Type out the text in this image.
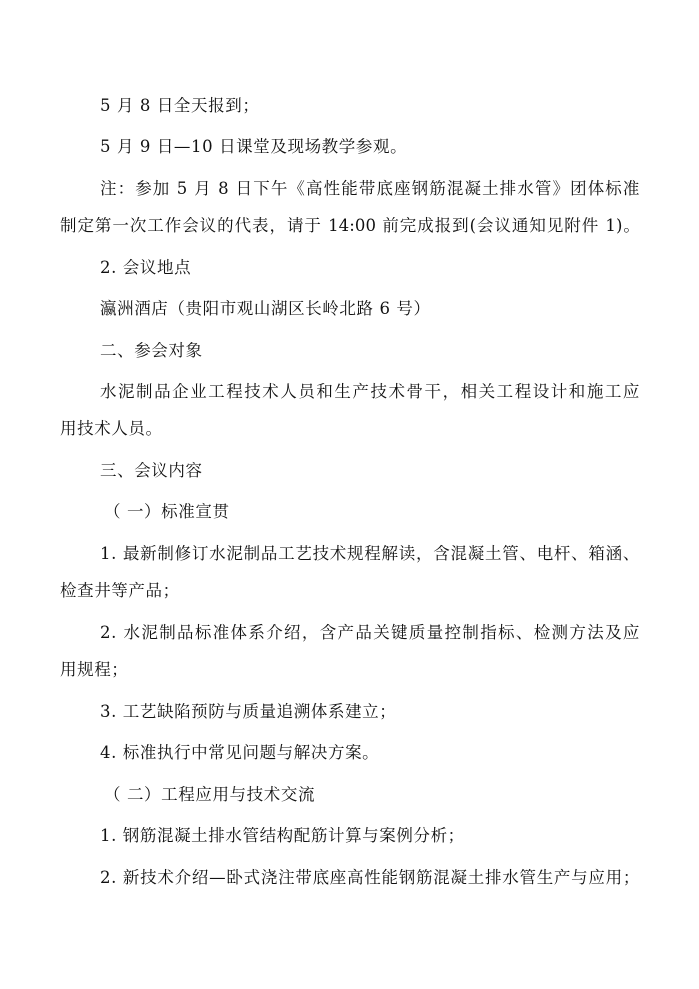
5 月 8 日全天报到；
5 月 9 日—10 日课堂及现场教学参观。
注：参加 5 月 8 日下午《高性能带底座钢筋混凝土排水管》团体标准
制定第一次工作会议的代表，请于 14:00 前完成报到(会议通知见附件 1)。
2. 会议地点
瀛洲酒店（贵阳市观山湖区长岭北路 6 号）
二、参会对象
水泥制品企业工程技术人员和生产技术骨干，相关工程设计和施工应
用技术人员。
三、会议内容
（ 一）标准宣贯
1. 最新制修订水泥制品工艺技术规程解读，含混凝土管、电杆、箱涵、
检查井等产品；
2. 水泥制品标准体系介绍，含产品关键质量控制指标、检测方法及应
用规程；
3. 工艺缺陷预防与质量追溯体系建立；
4. 标准执行中常见问题与解决方案。
（ 二）工程应用与技术交流
1. 钢筋混凝土排水管结构配筋计算与案例分析；
2. 新技术介绍—卧式浇注带底座高性能钢筋混凝土排水管生产与应用；
